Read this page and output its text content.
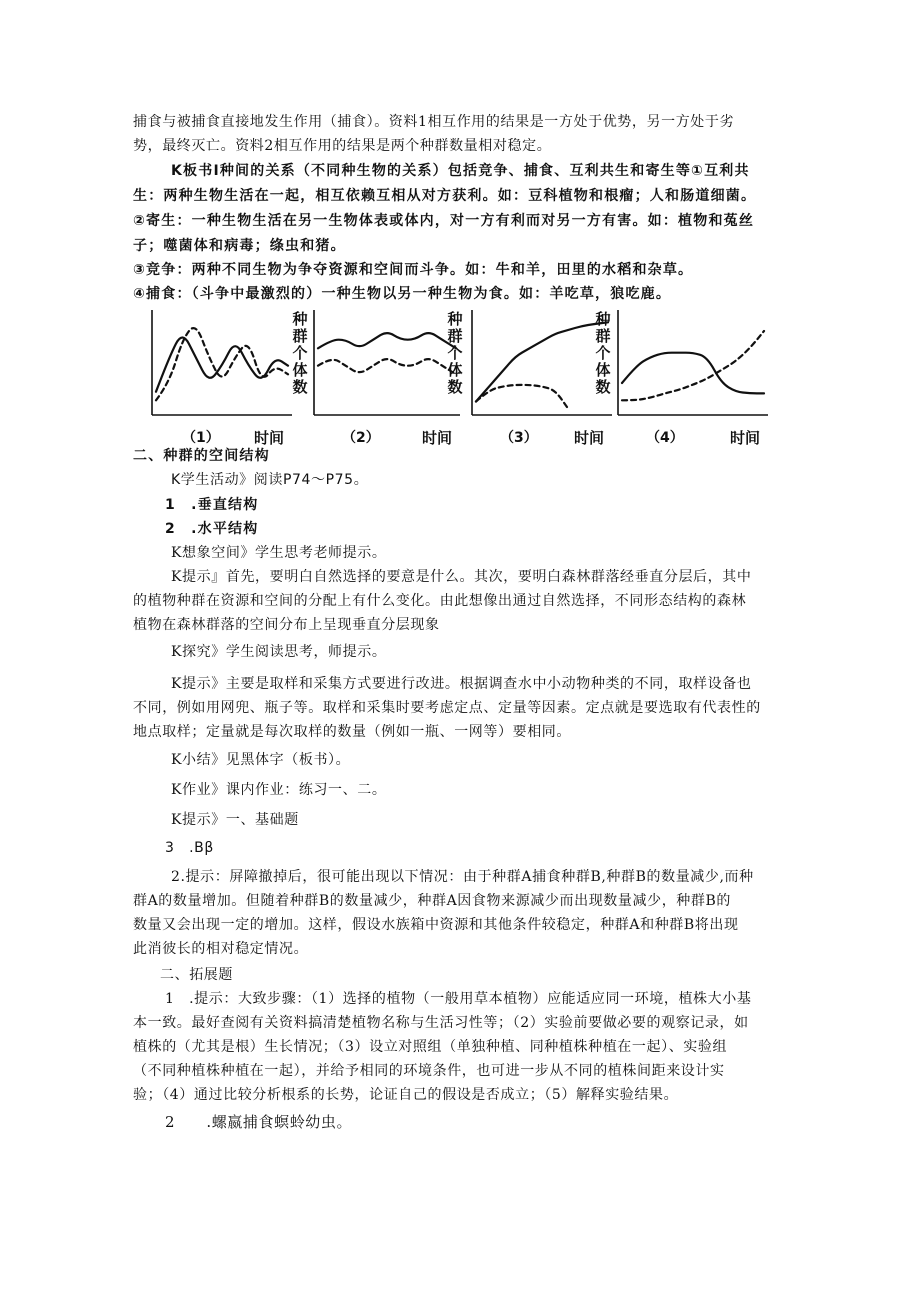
捕食与被捕食直接地发生作用（捕食）。资料1相互作用的结果是一方处于优势，另一方处于劣
势，最终灭亡。资料2相互作用的结果是两个种群数量相对稳定。
K板书I种间的关系（不同种生物的关系）包括竞争、捕食、互利共生和寄生等①互利共
生：两种生物生活在一起，相互依赖互相从对方获利。如：豆科植物和根瘤；人和肠道细菌。
②寄生：一种生物生活在另一生物体表或体内，对一方有利而对另一方有害。如：植物和菟丝
子；噬菌体和病毒；绦虫和猪。
③竞争：两种不同生物为争夺资源和空间而斗争。如：牛和羊，田里的水稻和杂草。
④捕食：（斗争中最激烈的）一种生物以另一种生物为食。如：羊吃草，狼吃鹿。
（1） 时间
种
群
个
体
数
（2）	时间
种
群
个
体
数
（3） 时间
种
群
个
体
数
（4）	时间
二、种群的空间结构
K学生活动》阅读P74～P75。
1　.垂直结构
2　.水平结构
K想象空间》学生思考老师提示。
K提示』首先，要明白自然选择的要意是什么。其次，要明白森林群落经垂直分层后，其中
的植物种群在资源和空间的分配上有什么变化。由此想像出通过自然选择，不同形态结构的森林
植物在森林群落的空间分布上呈现垂直分层现象
K探究》学生阅读思考，师提示。
K提示》主要是取样和采集方式要进行改进。根据调查水中小动物种类的不同，取样设备也
不同，例如用网兜、瓶子等。取样和采集时要考虑定点、定量等因素。定点就是要选取有代表性的
地点取样；定量就是每次取样的数量（例如一瓶、一网等）要相同。
K小结》见黑体字（板书）。
K作业》课内作业：练习一、二。
K提示》一、基础题
3　.Bβ
2.提示：屏障撤掉后，很可能出现以下情况：由于种群A捕食种群B,种群B的数量减少,而种
群A的数量增加。但随着种群B的数量减少，种群A因食物来源减少而出现数量减少，种群B的
数量又会出现一定的增加。这样，假设水族箱中资源和其他条件较稳定，种群A和种群B将出现
此消彼长的相对稳定情况。
二、拓展题
1　.提示：大致步骤：（1）选择的植物（一般用草本植物）应能适应同一环境，植株大小基
本一致。最好查阅有关资料搞清楚植物名称与生活习性等；（2）实验前要做必要的观察记录，如
植株的（尤其是根）生长情况；（3）设立对照组（单独种植、同种植株种植在一起）、实验组
（不同种植株种植在一起），并给予相同的环境条件，也可进一步从不同的植株间距来设计实
验；（4）通过比较分析根系的长势，论证自己的假设是否成立；（5）解释实验结果。
2　　.螺嬴捕食螟蛉幼虫。
